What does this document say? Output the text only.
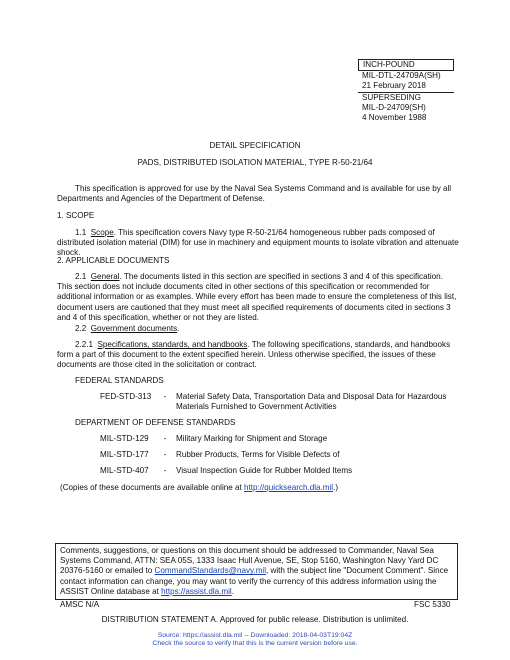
INCH-POUND
MIL-DTL-24709A(SH)
21 February 2018
SUPERSEDING
MIL-D-24709(SH)
4 November 1988
DETAIL SPECIFICATION
PADS, DISTRIBUTED ISOLATION MATERIAL, TYPE R-50-21/64
This specification is approved for use by the Naval Sea Systems Command and is available for use by all Departments and Agencies of the Department of Defense.
1. SCOPE
1.1 Scope. This specification covers Navy type R-50-21/64 homogeneous rubber pads composed of distributed isolation material (DIM) for use in machinery and equipment mounts to isolate vibration and attenuate shock.
2. APPLICABLE DOCUMENTS
2.1 General. The documents listed in this section are specified in sections 3 and 4 of this specification. This section does not include documents cited in other sections of this specification or recommended for additional information or as examples. While every effort has been made to ensure the completeness of this list, document users are cautioned that they must meet all specified requirements of documents cited in sections 3 and 4 of this specification, whether or not they are listed.
2.2 Government documents.
2.2.1 Specifications, standards, and handbooks. The following specifications, standards, and handbooks form a part of this document to the extent specified herein. Unless otherwise specified, the issues of these documents are those cited in the solicitation or contract.
FEDERAL STANDARDS
FED-STD-313	-	Material Safety Data, Transportation Data and Disposal Data for Hazardous Materials Furnished to Government Activities
DEPARTMENT OF DEFENSE STANDARDS
MIL-STD-129	-	Military Marking for Shipment and Storage
MIL-STD-177	-	Rubber Products, Terms for Visible Defects of
MIL-STD-407	-	Visual Inspection Guide for Rubber Molded Items
(Copies of these documents are available online at http://quicksearch.dla.mil.)
Comments, suggestions, or questions on this document should be addressed to Commander, Naval Sea Systems Command, ATTN: SEA 05S, 1333 Isaac Hull Avenue, SE, Stop 5160, Washington Navy Yard DC 20376-5160 or emailed to CommandStandards@navy.mil, with the subject line "Document Comment". Since contact information can change, you may want to verify the currency of this address information using the ASSIST Online database at https://assist.dla.mil.
AMSC N/A	FSC 5330
DISTRIBUTION STATEMENT A. Approved for public release. Distribution is unlimited.
Source: https://assist.dla.mil -- Downloaded: 2018-04-03T19:04Z
Check the source to verify that this is the current version before use.
